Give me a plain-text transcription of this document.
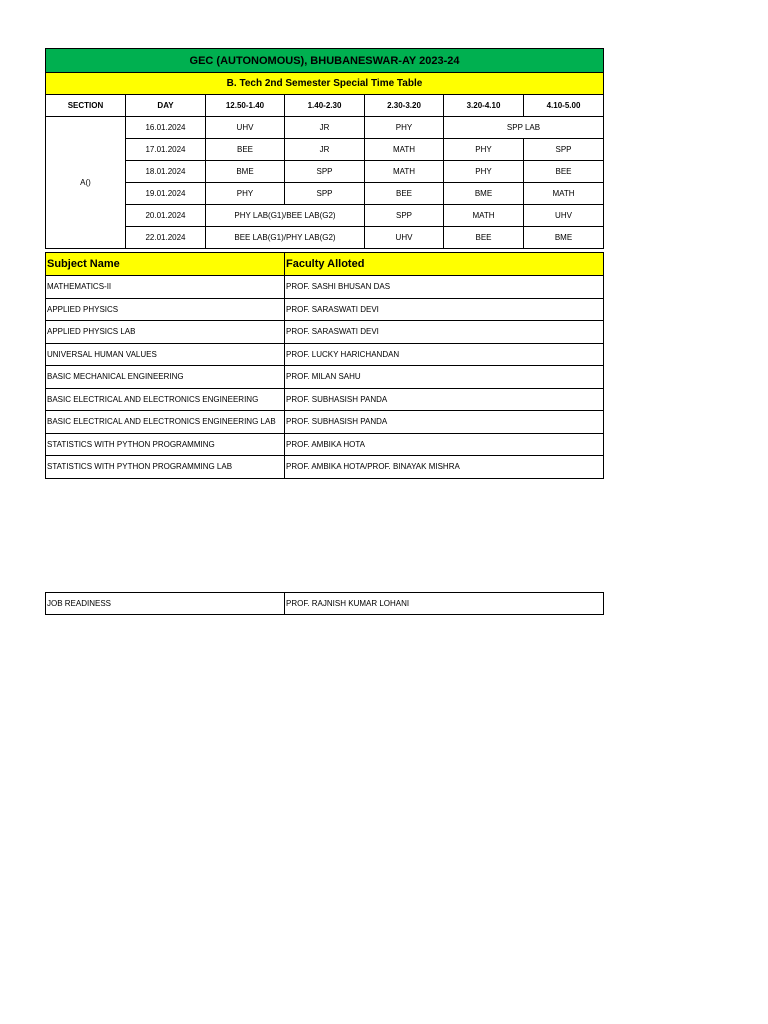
GEC (AUTONOMOUS), BHUBANESWAR-AY 2023-24						
B. Tech 2nd Semester Special Time Table						
SECTION	DAY	12.50-1.40	1.40-2.30	2.30-3.20	3.20-4.10	4.10-5.00
A()	16.01.2024	UHV	JR	PHY	SPP LAB	
	17.01.2024	BEE	JR	MATH	PHY	SPP
	18.01.2024	BME	SPP	MATH	PHY	BEE
	19.01.2024	PHY	SPP	BEE	BME	MATH
	20.01.2024	PHY LAB(G1)/BEE LAB(G2)		SPP	MATH	UHV
	22.01.2024	BEE LAB(G1)/PHY LAB(G2)		UHV	BEE	BME
Subject Name	Faculty Alloted
MATHEMATICS-II	PROF. SASHI BHUSAN DAS
APPLIED PHYSICS	PROF. SARASWATI DEVI
APPLIED PHYSICS LAB	PROF. SARASWATI DEVI
UNIVERSAL HUMAN VALUES	PROF. LUCKY HARICHANDAN
BASIC MECHANICAL ENGINEERING	PROF. MILAN SAHU
BASIC ELECTRICAL AND ELECTRONICS ENGINEERING	PROF. SUBHASISH PANDA
BASIC ELECTRICAL AND ELECTRONICS ENGINEERING LAB	PROF. SUBHASISH PANDA
STATISTICS WITH PYTHON PROGRAMMING	PROF. AMBIKA HOTA
STATISTICS WITH PYTHON PROGRAMMING LAB	PROF. AMBIKA HOTA/PROF. BINAYAK MISHRA
JOB READINESS	PROF. RAJNISH KUMAR LOHANI
